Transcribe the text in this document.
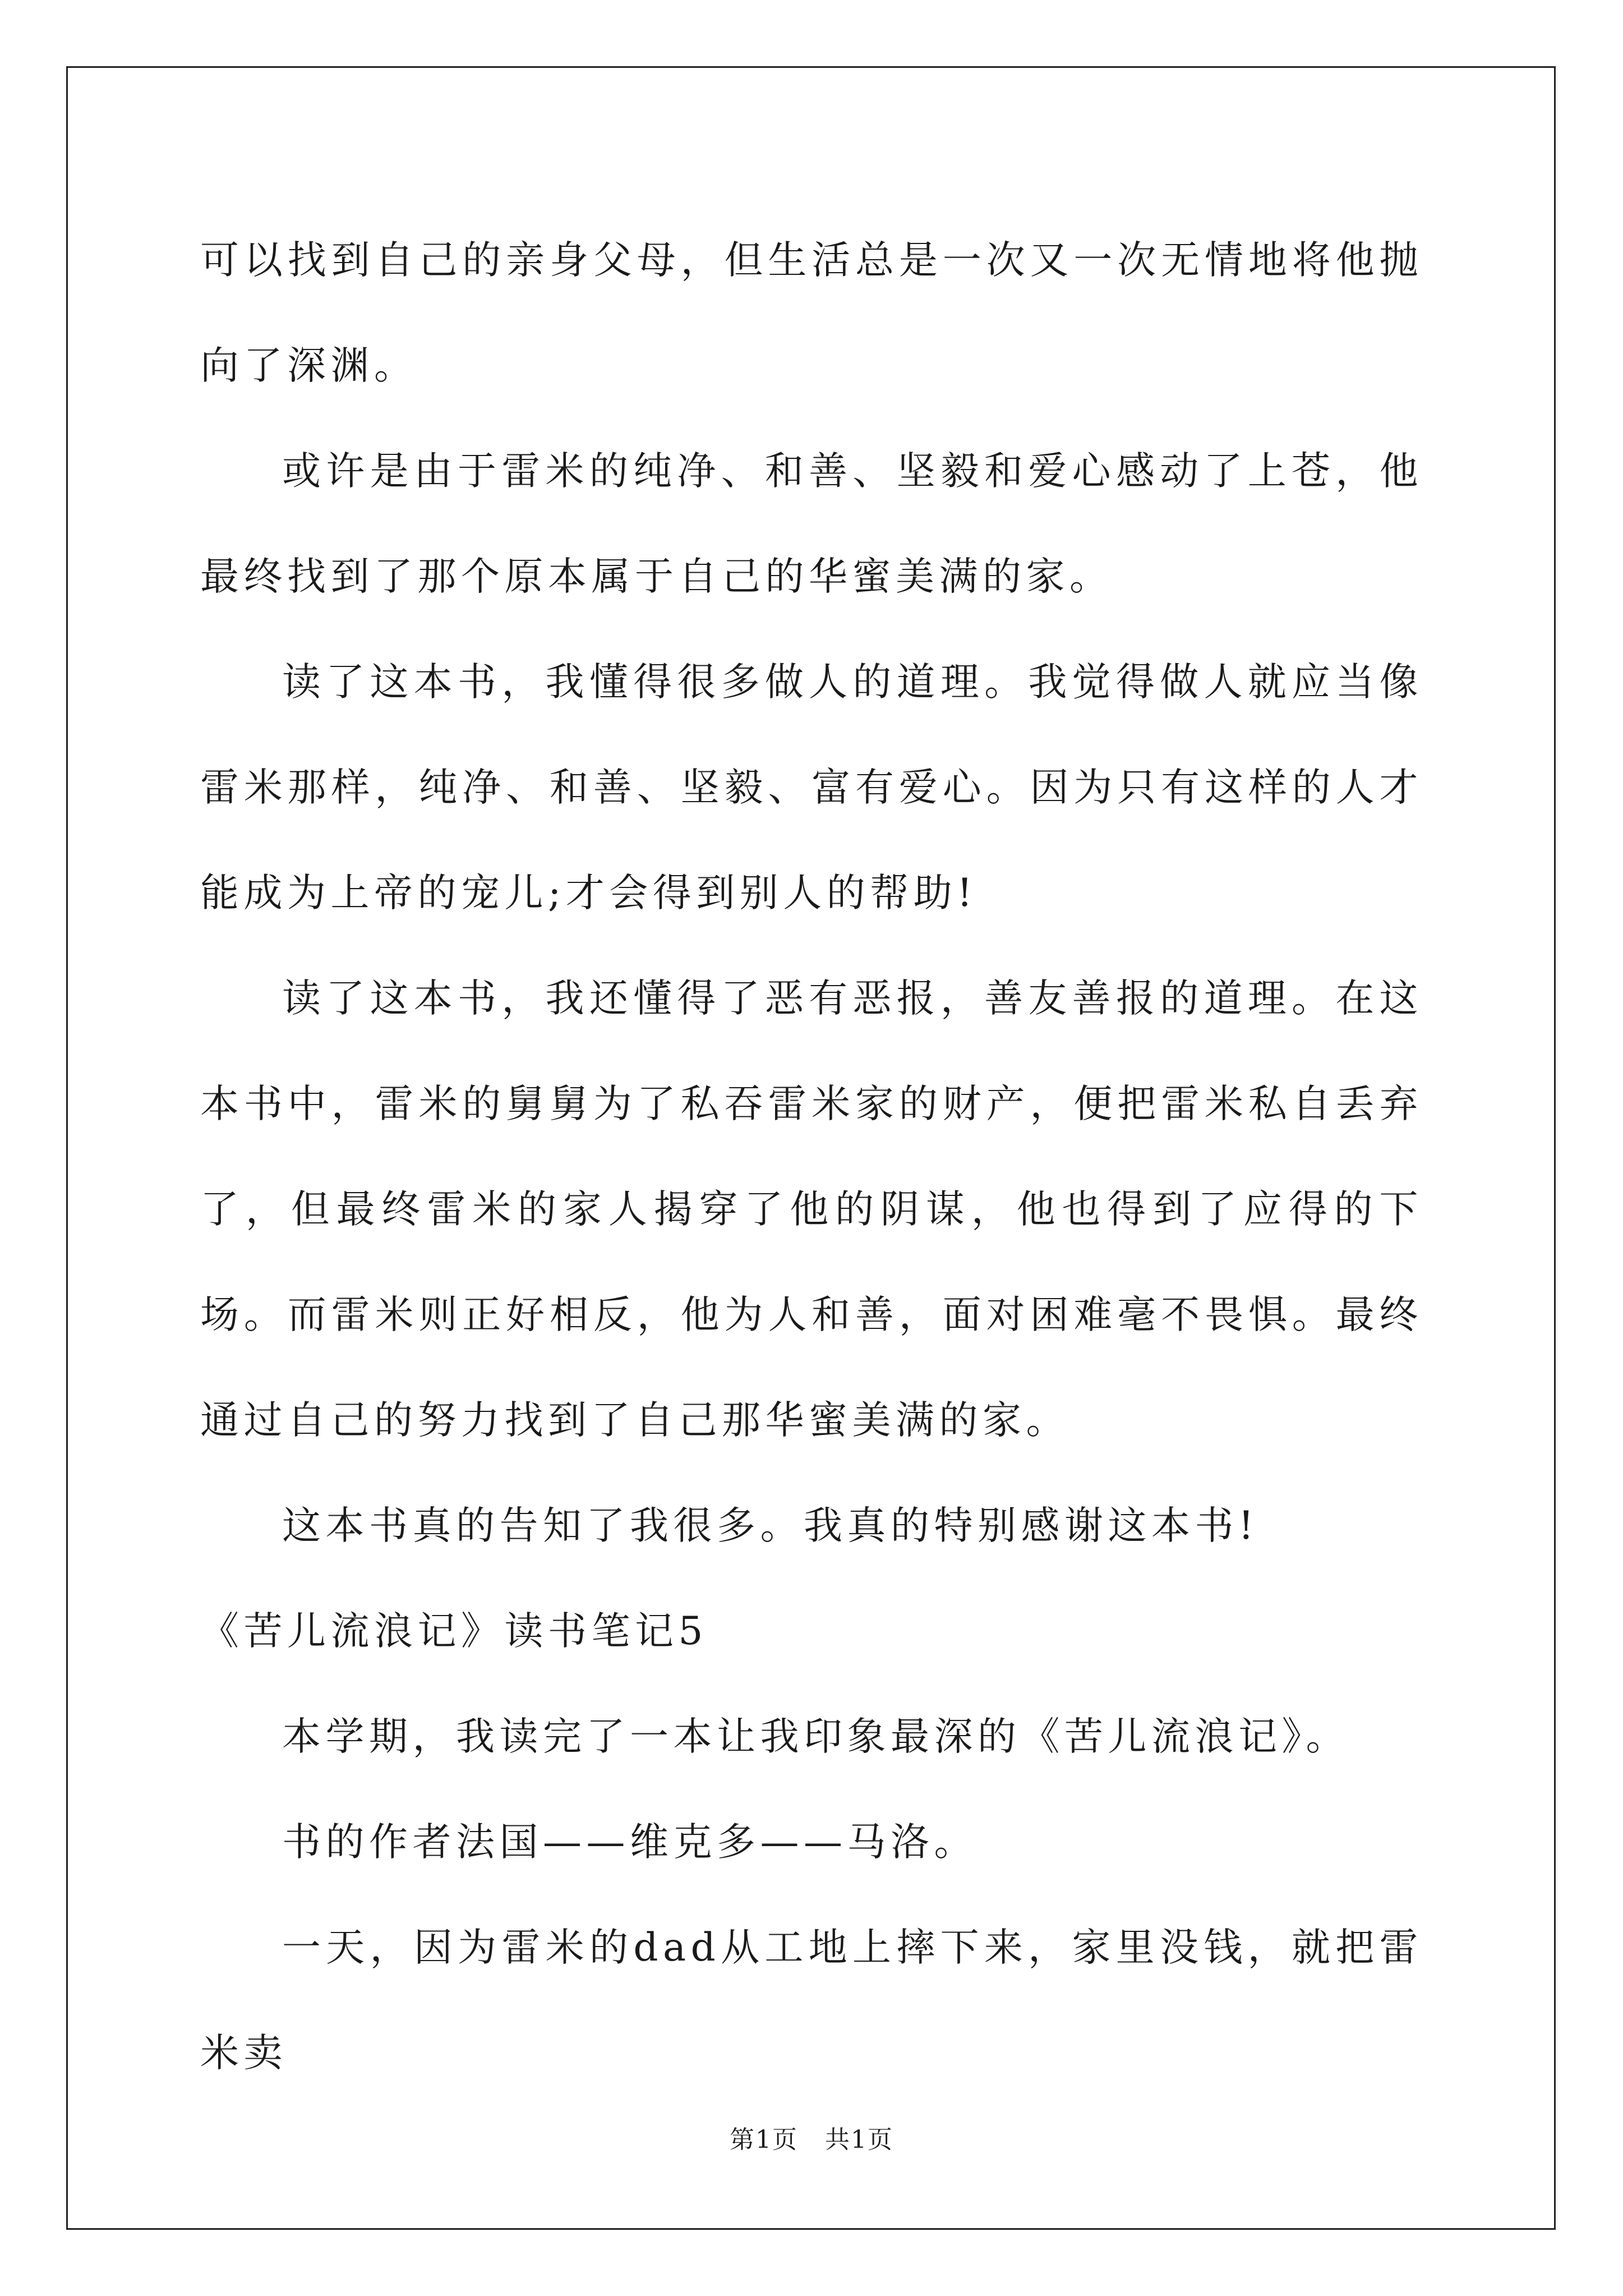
可以找到自己的亲身父母，但生活总是一次又一次无情地将他抛向了深渊。

或许是由于雷米的纯净、和善、坚毅和爱心感动了上苍，他最终找到了那个原本属于自己的华蜜美满的家。

读了这本书，我懂得很多做人的道理。我觉得做人就应当像雷米那样，纯净、和善、坚毅、富有爱心。因为只有这样的人才能成为上帝的宠儿;才会得到别人的帮助!

读了这本书，我还懂得了恶有恶报，善友善报的道理。在这本书中，雷米的舅舅为了私吞雷米家的财产，便把雷米私自丢弃了，但最终雷米的家人揭穿了他的阴谋，他也得到了应得的下场。而雷米则正好相反，他为人和善，面对困难毫不畏惧。最终通过自己的努力找到了自己那华蜜美满的家。

这本书真的告知了我很多。我真的特别感谢这本书!

《苦儿流浪记》读书笔记5

本学期，我读完了一本让我印象最深的《苦儿流浪记》。

书的作者法国——维克多——马洛。

一天，因为雷米的dad从工地上摔下来，家里没钱，就把雷米卖

第1页 共1页
